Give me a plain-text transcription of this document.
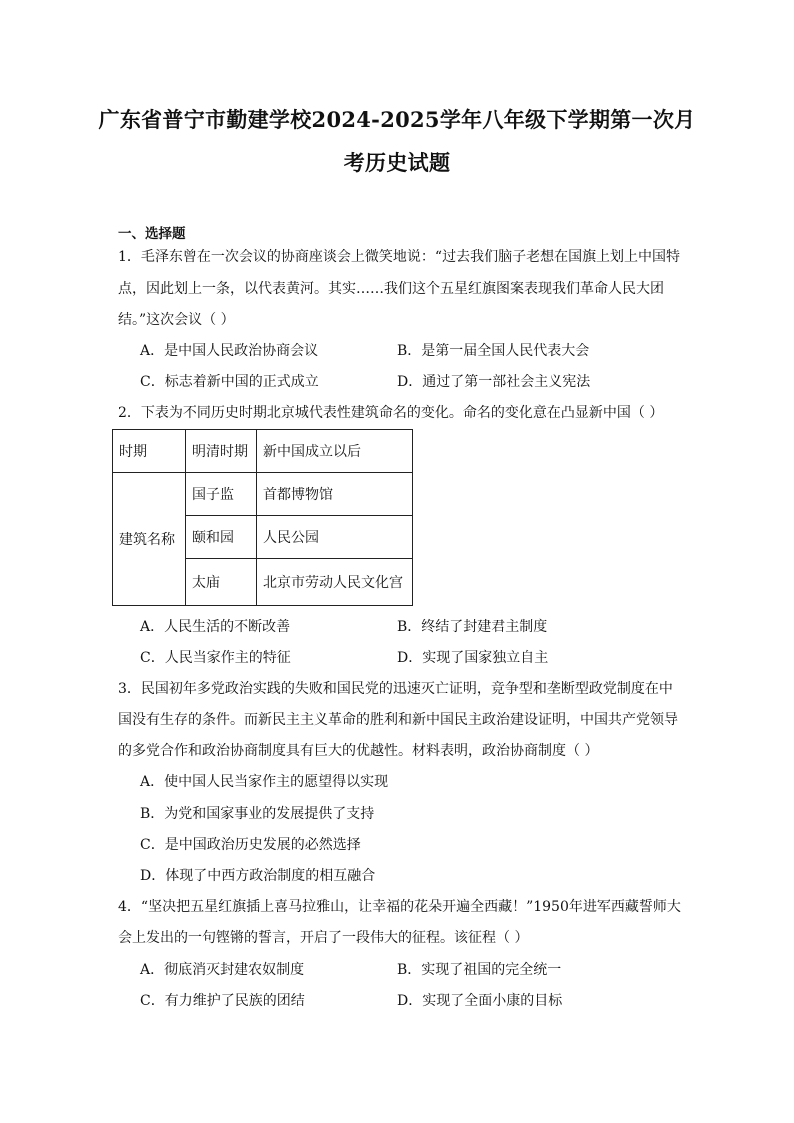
广东省普宁市勤建学校2024-2025学年八年级下学期第一次月
考历史试题
一、选择题
1．毛泽东曾在一次会议的协商座谈会上微笑地说：“过去我们脑子老想在国旗上划上中国特
点，因此划上一条，以代表黄河。其实……我们这个五星红旗图案表现我们革命人民大团
结。”这次会议（ ）
A．是中国人民政治协商会议	B．是第一届全国人民代表大会
C．标志着新中国的正式成立	D．通过了第一部社会主义宪法
2．下表为不同历史时期北京城代表性建筑命名的变化。命名的变化意在凸显新中国（ ）
时期	明清时期	新中国成立以后
建筑名称	国子监	首都博物馆
	颐和园	人民公园
	太庙	北京市劳动人民文化宫
A．人民生活的不断改善	B．终结了封建君主制度
C．人民当家作主的特征	D．实现了国家独立自主
3．民国初年多党政治实践的失败和国民党的迅速灭亡证明，竞争型和垄断型政党制度在中
国没有生存的条件。而新民主主义革命的胜利和新中国民主政治建设证明，中国共产党领导
的多党合作和政治协商制度具有巨大的优越性。材料表明，政治协商制度（ ）
A．使中国人民当家作主的愿望得以实现
B．为党和国家事业的发展提供了支持
C．是中国政治历史发展的必然选择
D．体现了中西方政治制度的相互融合
4．“坚决把五星红旗插上喜马拉雅山，让幸福的花朵开遍全西藏！”1950年进军西藏誓师大
会上发出的一句铿锵的誓言，开启了一段伟大的征程。该征程（ ）
A．彻底消灭封建农奴制度	B．实现了祖国的完全统一
C．有力维护了民族的团结	D．实现了全面小康的目标
